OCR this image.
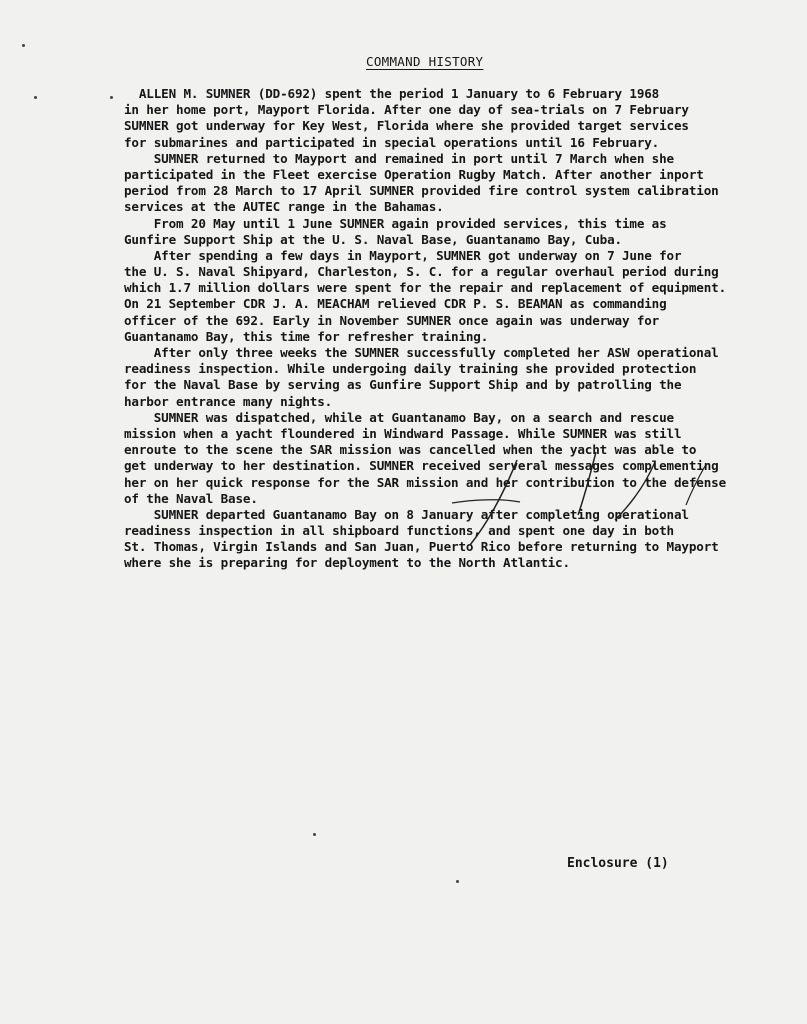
COMMAND HISTORY
ALLEN M. SUMNER (DD-692) spent the period 1 January to 6 February 1968
in her home port, Mayport Florida. After one day of sea-trials on 7 February
SUMNER got underway for Key West, Florida where she provided target services
for submarines and participated in special operations until 16 February.
SUMNER returned to Mayport and remained in port until 7 March when she
participated in the Fleet exercise Operation Rugby Match. After another inport
period from 28 March to 17 April SUMNER provided fire control system calibration
services at the AUTEC range in the Bahamas.
From 20 May until 1 June SUMNER again provided services, this time as
Gunfire Support Ship at the U. S. Naval Base, Guantanamo Bay, Cuba.
After spending a few days in Mayport, SUMNER got underway on 7 June for
the U. S. Naval Shipyard, Charleston, S. C. for a regular overhaul period during
which 1.7 million dollars were spent for the repair and replacement of equipment.
On 21 September CDR J. A. MEACHAM relieved CDR P. S. BEAMAN as commanding
officer of the 692. Early in November SUMNER once again was underway for
Guantanamo Bay, this time for refresher training.
After only three weeks the SUMNER successfully completed her ASW operational
readiness inspection. While undergoing daily training she provided protection
for the Naval Base by serving as Gunfire Support Ship and by patrolling the
harbor entrance many nights.
SUMNER was dispatched, while at Guantanamo Bay, on a search and rescue
mission when a yacht floundered in Windward Passage. While SUMNER was still
enroute to the scene the SAR mission was cancelled when the yacht was able to
get underway to her destination. SUMNER received serveral messages complementing
her on her quick response for the SAR mission and her contribution to the defense
of the Naval Base.
SUMNER departed Guantanamo Bay on 8 January after completing operational
readiness inspection in all shipboard functions, and spent one day in both
St. Thomas, Virgin Islands and San Juan, Puerto Rico before returning to Mayport
where she is preparing for deployment to the North Atlantic.
Enclosure (1)
